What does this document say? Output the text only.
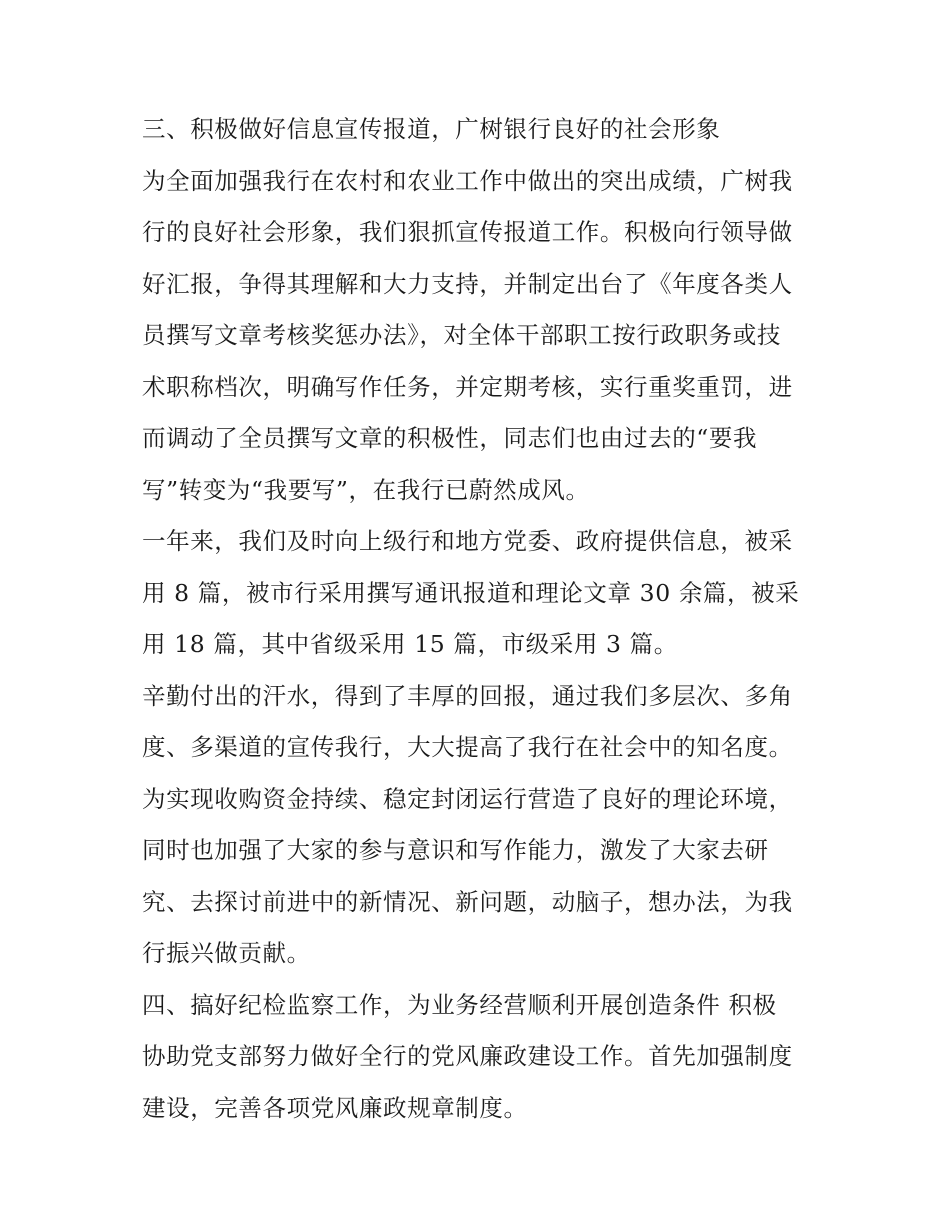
三、积极做好信息宣传报道，广树银行良好的社会形象
为全面加强我行在农村和农业工作中做出的突出成绩，广树我
行的良好社会形象，我们狠抓宣传报道工作。积极向行领导做
好汇报，争得其理解和大力支持，并制定出台了《年度各类人
员撰写文章考核奖惩办法》，对全体干部职工按行政职务或技
术职称档次，明确写作任务，并定期考核，实行重奖重罚，进
而调动了全员撰写文章的积极性，同志们也由过去的“要我
写”转变为“我要写”，在我行已蔚然成风。
一年来，我们及时向上级行和地方党委、政府提供信息，被采
用 8 篇，被市行采用撰写通讯报道和理论文章 30 余篇，被采
用 18 篇，其中省级采用 15 篇，市级采用 3 篇。
辛勤付出的汗水，得到了丰厚的回报，通过我们多层次、多角
度、多渠道的宣传我行，大大提高了我行在社会中的知名度。
为实现收购资金持续、稳定封闭运行营造了良好的理论环境，
同时也加强了大家的参与意识和写作能力，激发了大家去研
究、去探讨前进中的新情况、新问题，动脑子，想办法，为我
行振兴做贡献。
四、搞好纪检监察工作，为业务经营顺利开展创造条件 积极
协助党支部努力做好全行的党风廉政建设工作。首先加强制度
建设，完善各项党风廉政规章制度。
